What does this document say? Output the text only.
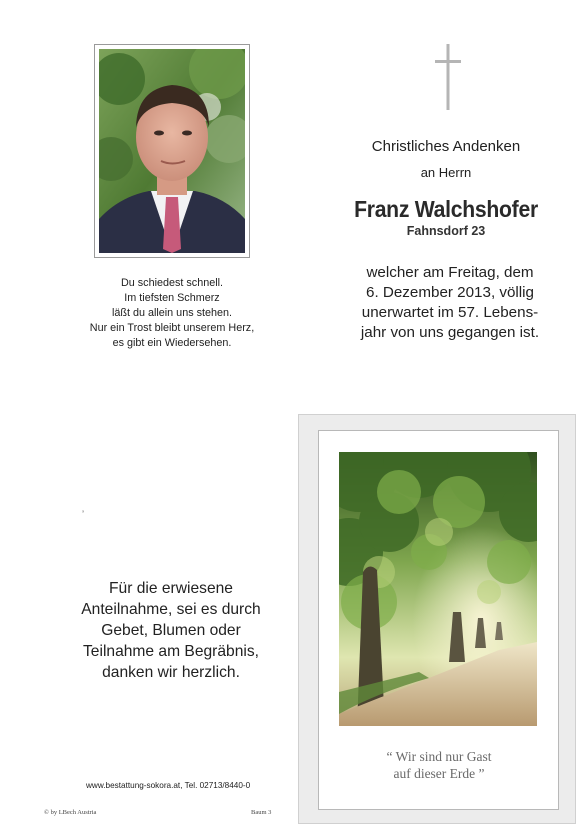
Du schiedest schnell.
Im tiefsten Schmerz
läßt du allein uns stehen.
Nur ein Trost bleibt unserem Herz,
es gibt ein Wiedersehen.
Christliches Andenken
an Herrn
Franz Walchshofer
Fahnsdorf 23
welcher am Freitag, dem
6. Dezember 2013, völlig
unerwartet im 57. Lebens-
jahr von uns gegangen ist.
’
Für die erwiesene
Anteilnahme, sei es durch
Gebet, Blumen oder
Teilnahme am Begräbnis,
danken wir herzlich.
www.bestattung-sokora.at, Tel. 02713/8440-0
© by LBech Austria	Baum 3
“ Wir sind nur Gast
auf dieser Erde ”
